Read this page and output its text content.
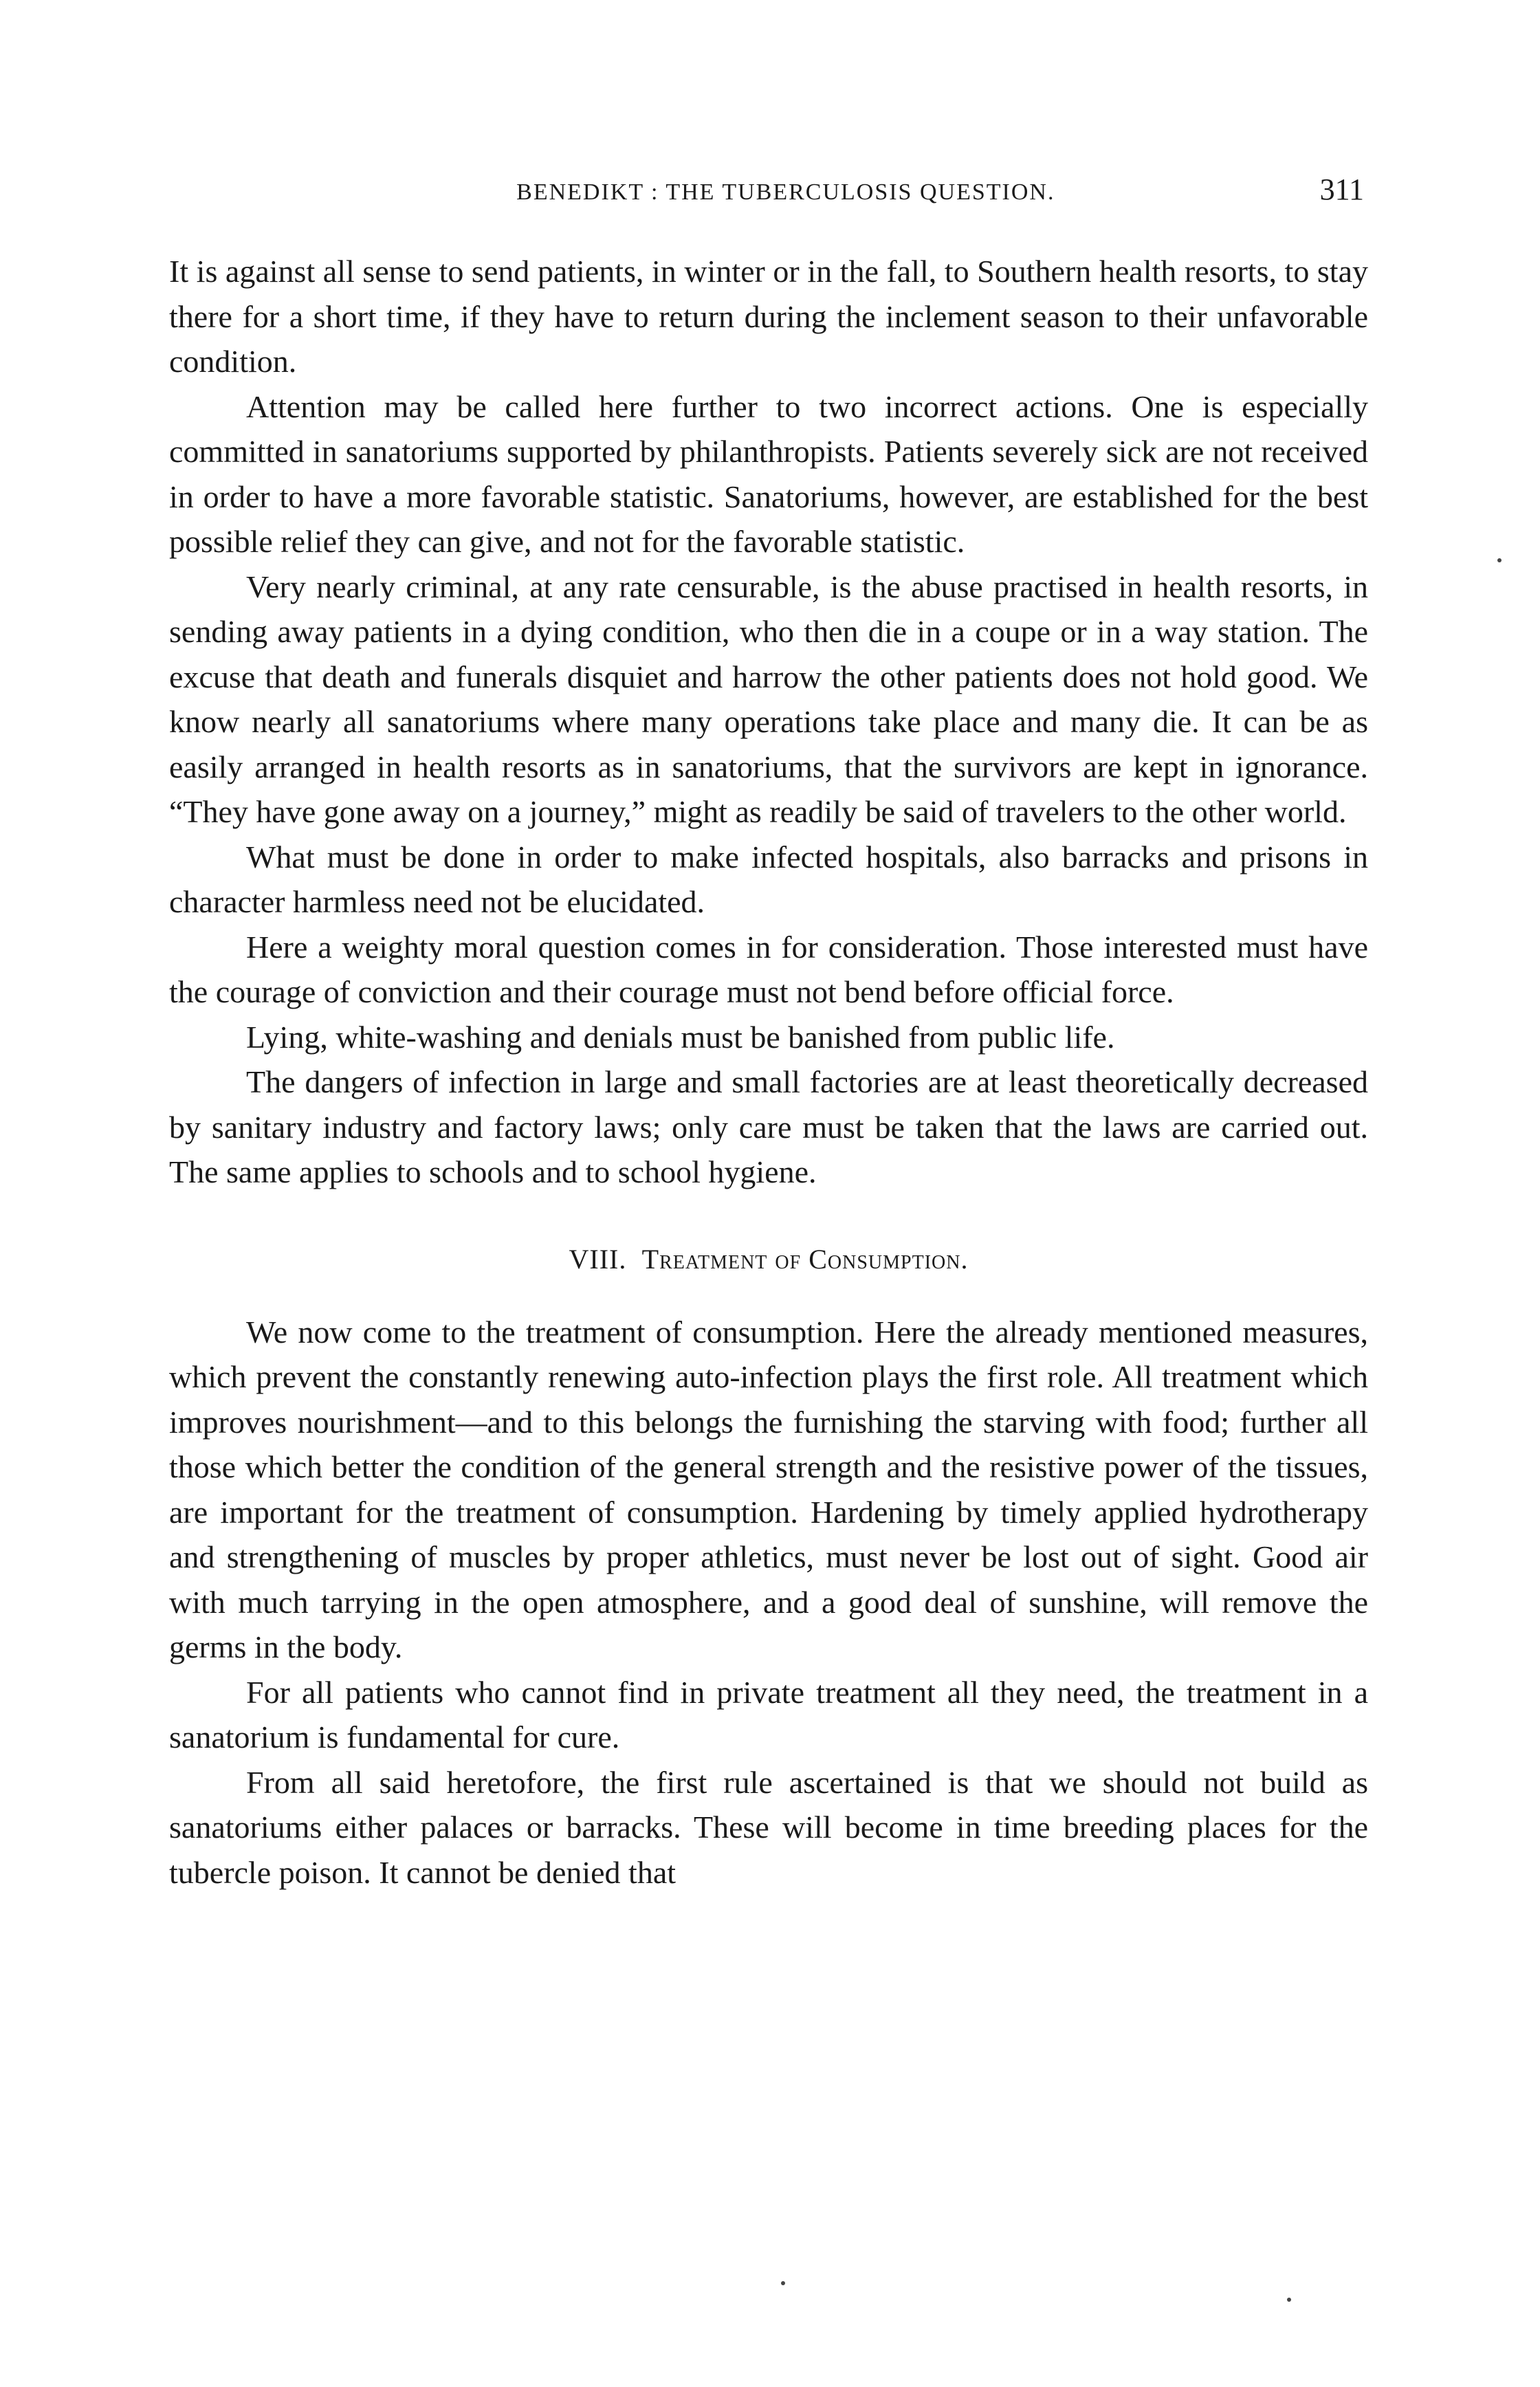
BENEDIKT : THE TUBERCULOSIS QUESTION.	311

It is against all sense to send patients, in winter or in the fall, to Southern health resorts, to stay there for a short time, if they have to return during the inclement season to their unfavorable condition.

Attention may be called here further to two incorrect actions. One is especially committed in sanatoriums supported by philanthropists. Patients severely sick are not received in order to have a more favorable statistic. Sanatoriums, however, are established for the best possible relief they can give, and not for the favorable statistic.

Very nearly criminal, at any rate censurable, is the abuse practised in health resorts, in sending away patients in a dying condition, who then die in a coupe or in a way station. The excuse that death and funerals disquiet and harrow the other patients does not hold good. We know nearly all sanatoriums where many operations take place and many die. It can be as easily arranged in health resorts as in sanatoriums, that the survivors are kept in ignorance. “They have gone away on a journey,” might as readily be said of travelers to the other world.

What must be done in order to make infected hospitals, also barracks and prisons in character harmless need not be elucidated.

Here a weighty moral question comes in for consideration. Those interested must have the courage of conviction and their courage must not bend before official force.

Lying, white-washing and denials must be banished from public life.

The dangers of infection in large and small factories are at least theoretically decreased by sanitary industry and factory laws; only care must be taken that the laws are carried out. The same applies to schools and to school hygiene.

VIII. Treatment of Consumption.

We now come to the treatment of consumption. Here the already mentioned measures, which prevent the constantly renewing auto-infection plays the first role. All treatment which improves nourishment—and to this belongs the furnishing the starving with food; further all those which better the condition of the general strength and the resistive power of the tissues, are important for the treatment of consumption. Hardening by timely applied hydrotherapy and strengthening of muscles by proper athletics, must never be lost out of sight. Good air with much tarrying in the open atmosphere, and a good deal of sunshine, will remove the germs in the body.

For all patients who cannot find in private treatment all they need, the treatment in a sanatorium is fundamental for cure.

From all said heretofore, the first rule ascertained is that we should not build as sanatoriums either palaces or barracks. These will become in time breeding places for the tubercle poison. It cannot be denied that
